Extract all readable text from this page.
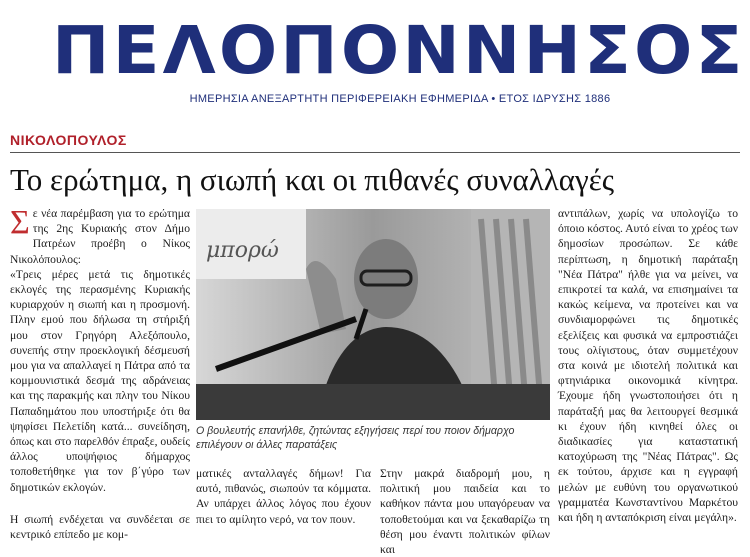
ΠΕΛΟΠΟΝΝΗΣΟΣ
ΗΜΕΡΗΣΙΑ ΑΝΕΞΑΡΤΗΤΗ ΠΕΡΙΦΕΡΕΙΑΚΗ ΕΦΗΜΕΡΙΔΑ • ΕΤΟΣ ΙΔΡΥΣΗΣ 1886
ΝΙΚΟΛΟΠΟΥΛΟΣ
Το ερώτημα, η σιωπή και οι πιθανές συναλλαγές

Σε νέα παρέμβαση για το ερώτημα της 2ης Κυριακής στον Δήμο Πατρέων προέβη ο Νίκος Νικολόπουλος:

«Τρεις μέρες μετά τις δημοτικές εκλογές της περασμένης Κυριακής κυριαρχούν η σιωπή και η προσμονή. Πλην εμού που δήλωσα τη στήριξή μου στον Γρηγόρη Αλεξόπουλο, συνεπής στην προεκλογική δέσμευσή μου για να απαλλαγεί η Πάτρα από τα κομμουνιστικά δεσμά της αδράνειας και της παρακμής και πλην του Νίκου Παπαδημάτου που υποστήριξε ότι θα ψηφίσει Πελετίδη κατά... συνείδηση, όπως και στο παρελθόν έπραξε, ουδείς άλλος υποψήφιος δήμαρχος τοποθετήθηκε για τον β΄γύρο των δημοτικών εκλογών.

Η σιωπή ενδέχεται να συνδέεται σε κεντρικό επίπεδο με κομ-

μπορώ
Ο βουλευτής επανήλθε, ζητώντας εξηγήσεις περί του ποιον δήμαρχο επιλέγουν οι άλλες παρατάξεις

ματικές ανταλλαγές δήμων! Για αυτό, πιθανώς, σιωπούν τα κόμματα. Αν υπάρχει άλλος λόγος που έχουν πιει το αμίλητο νερό, να τον πουν.

Στην μακρά διαδρομή μου, η πολιτική μου παιδεία και το καθήκον πάντα μου υπαγόρευαν να τοποθετούμαι και να ξεκαθαρίζω τη θέση μου έναντι πολιτικών φίλων και

αντιπάλων, χωρίς να υπολογίζω το όποιο κόστος. Αυτό είναι το χρέος των δημοσίων προσώπων. Σε κάθε περίπτωση, η δημοτική παράταξη "Νέα Πάτρα" ήλθε για να μείνει, να επικροτεί τα καλά, να επισημαίνει τα κακώς κείμενα, να προτείνει και να συνδιαμορφώνει τις δημοτικές εξελίξεις και φυσικά να εμπροστιάζει τους ολίγιστους, όταν συμμετέχουν στα κοινά με ιδιοτελή πολιτικά και φτηνιάρικα οικονομικά κίνητρα. Έχουμε ήδη γνωστοποιήσει ότι η παράταξή μας θα λειτουργεί θεσμικά κι έχουν ήδη κινηθεί όλες οι διαδικασίες για καταστατική κατοχύρωση της "Νέας Πάτρας". Ως εκ τούτου, άρχισε και η εγγραφή μελών με ευθύνη του οργανωτικού γραμματέα Κωνσταντίνου Μαρκέτου και ήδη η ανταπόκριση είναι μεγάλη».
